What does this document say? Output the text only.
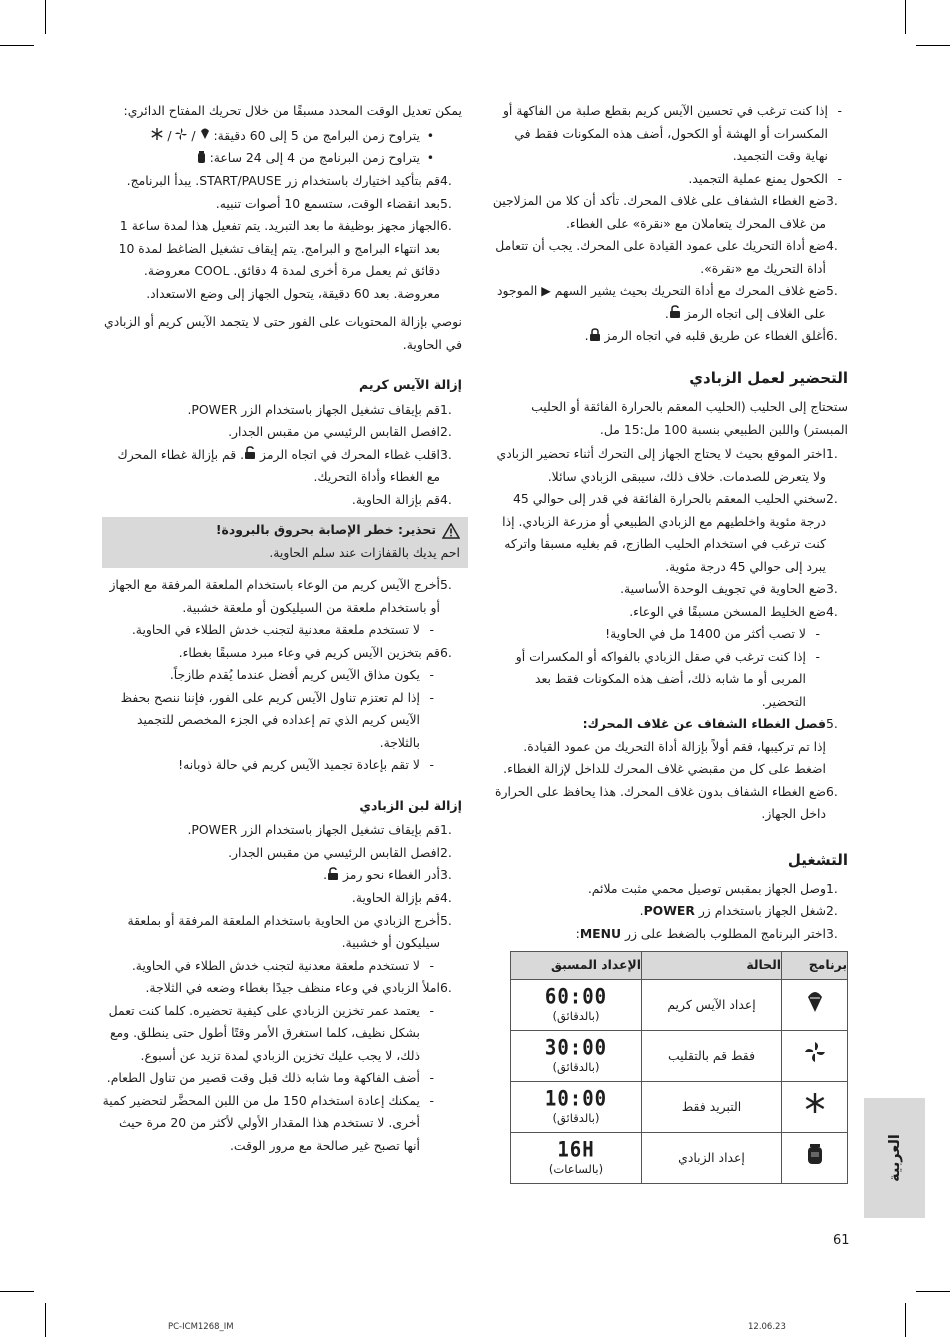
-
إذا كنت ترغب في تحسين الآيس كريم بقطع صلبة من الفاكهة أو المكسرات أو الهشة أو الكحول، أضف هذه المكونات فقط في نهاية وقت التجميد.
-
الكحول يمنع عملية التجميد.
3.
ضع الغطاء الشفاف على غلاف المحرك. تأكد أن كلا من المزلاجين من غلاف المحرك يتعاملان مع «نقرة» على الغطاء.
4.
ضع أداة التحريك على عمود القيادة على المحرك. يجب أن تتعامل أداة التحريك مع «نقرة».
5.
ضع غلاف المحرك مع أداة التحريك بحيث يشير السهم ▶ الموجود على الغلاف إلى اتجاه الرمز .
6.
أغلق الغطاء عن طريق قلبه في اتجاه الرمز .
التحضير لعمل الزبادي
ستحتاج إلى الحليب (الحليب المعقم بالحرارة الفائقة أو الحليب المبستر) واللبن الطبيعي بنسبة 100 مل:15 مل.
1.
اختر الموقع بحيث لا يحتاج الجهاز إلى التحرك أثناء تحضير الزبادي ولا يتعرض للصدمات. خلاف ذلك، سيبقى الزبادي سائلا.
2.
سخني الحليب المعقم بالحرارة الفائقة في قدر إلى حوالي 45 درجة مئوية واخلطيهم مع الزبادي الطبيعي أو مزرعة الزبادي. إذا كنت ترغب في استخدام الحليب الطازج، قم بغليه مسبقا واتركه يبرد إلى حوالي 45 درجة مئوية.
3.
ضع الحاوية في تجويف الوحدة الأساسية.
4.
ضع الخليط المسخن مسبقًا في الوعاء.
-
لا تصب أكثر من 1400 مل في الحاوية!
-
إذا كنت ترغب في صقل الزبادي بالفواكه أو المكسرات أو المربى أو ما شابه ذلك، أضف هذه المكونات فقط بعد التحضير.
5.
فصل الغطاء الشفاف عن غلاف المحرك:
إذا تم تركيبها، فقم أولاً بإزالة أداة التحريك من عمود القيادة. اضغط على كل من مقبضي غلاف المحرك للداخل لإزالة الغطاء.
6.
ضع الغطاء الشفاف بدون غلاف المحرك. هذا يحافظ على الحرارة داخل الجهاز.
التشغيل
1.
وصل الجهاز بمقبس توصيل محمي مثبت ملائم.
2.
شغل الجهاز باستخدام زر POWER.
3.
اختر البرنامج المطلوب بالضغط على زر MENU:
برنامج	الحالة	الإعداد المسبق
	إعداد الآيس كريم	60:00
(بالدقائق)

	فقط قم بالتقليب	30:00
(بالدقائق)

	التبريد فقط	10:00
(بالدقائق)

	إعداد الزبادي	16H
(بالساعات)
يمكن تعديل الوقت المحدد مسبقًا من خلال تحريك المفتاح الدائري:
•
يتراوح زمن البرامج من 5 إلى 60 دقيقة:  /  /
•
يتراوح زمن البرنامج من 4 إلى 24 ساعة:
4.
قم بتأكيد اختيارك باستخدام زر START/PAUSE. يبدأ البرنامج.
5.
بعد انقضاء الوقت، ستسمع 10 أصوات تنبيه.
6.
الجهاز مجهز بوظيفة ما بعد التبريد. يتم تفعيل هذا لمدة ساعة 1 بعد انتهاء البرامج و البرامج. يتم إيقاف تشغيل الضاغط لمدة 10 دقائق ثم يعمل مرة أخرى لمدة 4 دقائق. COOL معروضة. معروضة. بعد 60 دقيقة، يتحول الجهاز إلى وضع الاستعداد.
نوصي بإزالة المحتويات على الفور حتى لا يتجمد الآيس كريم أو الزبادي في الحاوية.
إزالة الآيس كريم
1.
قم بإيقاف تشغيل الجهاز باستخدام الزر POWER.
2.
افصل القابس الرئيسي من مقبس الجدار.
3.
اقلب غطاء المحرك في اتجاه الرمز . قم بإزالة غطاء المحرك مع الغطاء وأداة التحريك.
4.
قم بإزالة الحاوية.
تحذير: خطر الإصابة بحروق بالبرودة!
احم يديك بالقفازات عند سلم الحاوية.
5.
أخرج الآيس كريم من الوعاء باستخدام الملعقة المرفقة مع الجهاز أو باستخدام ملعقة من السيليكون أو ملعقة خشبية.
-
لا تستخدم ملعقة معدنية لتجنب خدش الطلاء في الحاوية.
6.
قم بتخزين الآيس كريم في وعاء مبرد مسبقًا بغطاء.
-
يكون مذاق الآيس كريم أفضل عندما يُقدم طازجاً.
-
إذا لم تعتزم تناول الآيس كريم على الفور، فإننا ننصح بحفظ الآيس كريم الذي تم إعداده في الجزء المخصص للتجميد بالثلاجة.
-
لا تقم بإعادة تجميد الآيس كريم في حالة ذوبانه!
إزالة لبن الزبادي
1.
قم بإيقاف تشغيل الجهاز باستخدام الزر POWER.
2.
افصل القابس الرئيسي من مقبس الجدار.
3.
أدر الغطاء نحو رمز .
4.
قم بإزالة الحاوية.
5.
أخرج الزبادي من الحاوية باستخدام الملعقة المرفقة أو بملعقة سيليكون أو خشبية.
-
لا تستخدم ملعقة معدنية لتجنب خدش الطلاء في الحاوية.
6.
املأ الزبادي في وعاء منظف جيدًا بغطاء وضعه في الثلاجة.
-
يعتمد عمر تخزين الزبادي على كيفية تحضيره. كلما كنت تعمل بشكل نظيف، كلما استغرق الأمر وقتًا أطول حتى ينطلق. ومع ذلك، لا يجب عليك تخزين الزبادي لمدة تزيد عن أسبوع.
-
أضف الفاكهة وما شابه ذلك قبل وقت قصير من تناول الطعام.
-
يمكنك إعادة استخدام 150 مل من اللبن المحضَّر لتحضير كمية أخرى. لا تستخدم هذا المقدار الأولي لأكثر من 20 مرة حيث أنها تصبح غير صالحة مع مرور الوقت.	العربية
61
PC-ICM1268_IM	12.06.23
